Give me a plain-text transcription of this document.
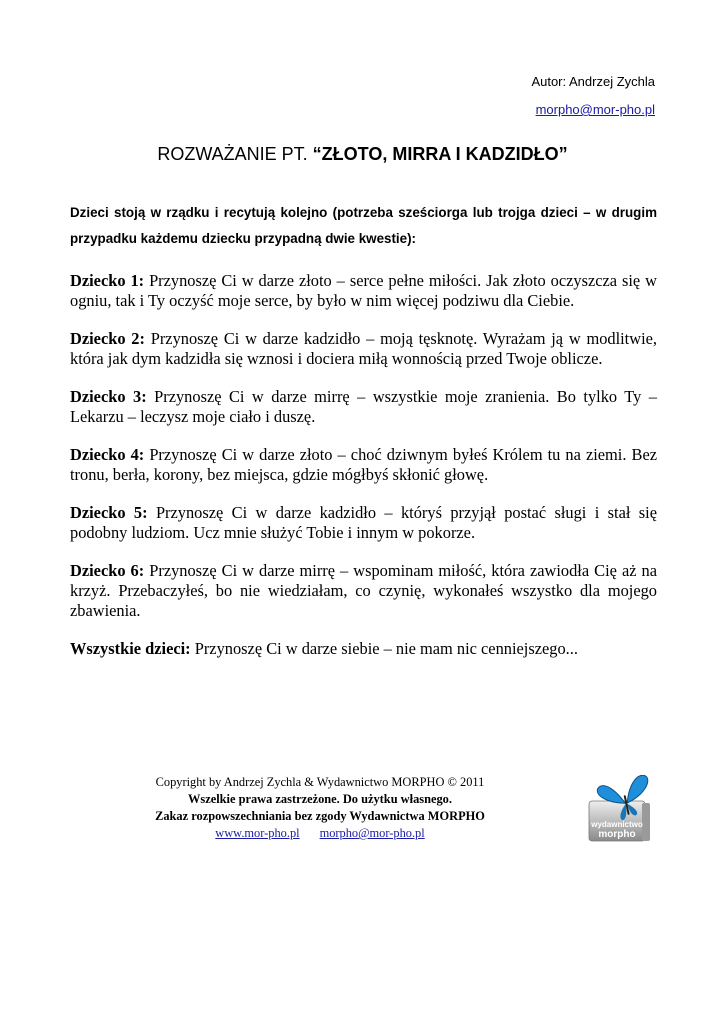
Autor: Andrzej Zychla
morpho@mor-pho.pl
ROZWAŻANIE PT. “ZŁOTO, MIRRA I KADZIDŁO”
Dzieci stoją w rządku i recytują kolejno (potrzeba sześciorga lub trojga dzieci – w drugim przypadku każdemu dziecku przypadną dwie kwestie):

Dziecko 1: Przynoszę Ci w darze złoto – serce pełne miłości. Jak złoto oczyszcza się w ogniu, tak i Ty oczyść moje serce, by było w nim więcej podziwu dla Ciebie.

Dziecko 2: Przynoszę Ci w darze kadzidło – moją tęsknotę. Wyrażam ją w modlitwie, która jak dym kadzidła się wznosi i dociera miłą wonnością przed Twoje oblicze.

Dziecko 3: Przynoszę Ci w darze mirrę – wszystkie moje zranienia. Bo tylko Ty – Lekarzu – leczysz moje ciało i duszę.

Dziecko 4: Przynoszę Ci w darze złoto – choć dziwnym byłeś Królem tu na ziemi. Bez tronu, berła, korony, bez miejsca, gdzie mógłbyś skłonić głowę.

Dziecko 5: Przynoszę Ci w darze kadzidło – któryś przyjął postać sługi i stał się podobny ludziom. Ucz mnie służyć Tobie i innym w pokorze.

Dziecko 6: Przynoszę Ci w darze mirrę – wspominam miłość, która zawiodła Cię aż na krzyż. Przebaczyłeś, bo nie wiedziałam, co czynię, wykonałeś wszystko dla mojego zbawienia.

Wszystkie dzieci: Przynoszę Ci w darze siebie – nie mam nic cenniejszego...

Copyright by Andrzej Zychla & Wydawnictwo MORPHO © 2011
Wszelkie prawa zastrzeżone. Do użytku własnego.
Zakaz rozpowszechniania bez zgody Wydawnictwa MORPHO
www.mor-pho.pl morpho@mor-pho.pl
wydawnictwo
morpho
